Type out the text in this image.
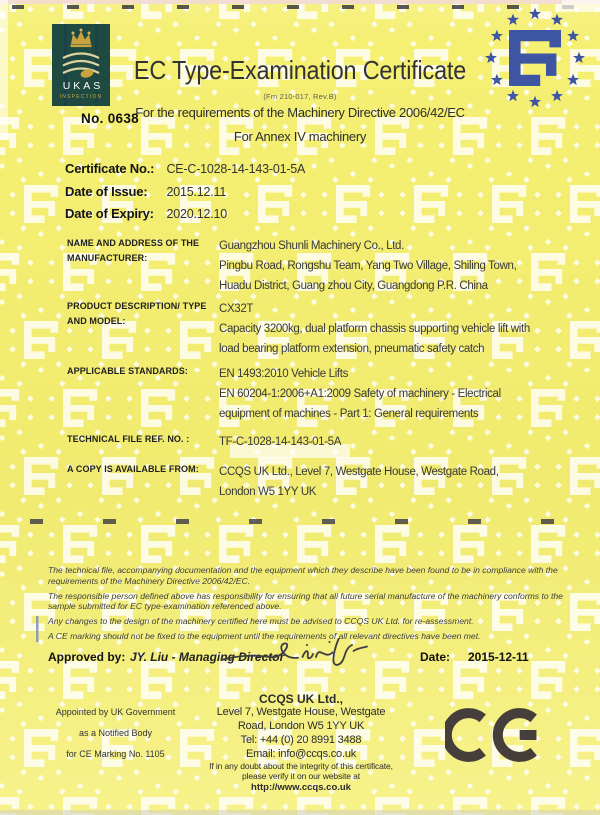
UKAS
INSPECTION
No. 0638
EC Type-Examination Certificate
(Fm 210-017, Rev.B)
For the requirements of the Machinery Directive 2006/42/EC
For Annex IV machinery
Certificate No.: CE-C-1028-14-143-01-5A
Date of Issue: 2015.12.11
Date of Expiry: 2020.12.10
NAME AND ADDRESS OF THE MANUFACTURER:
Guangzhou Shunli Machinery Co., Ltd.
Pingbu Road, Rongshu Team, Yang Two Village, Shiling Town,
Huadu District, Guang zhou City, Guangdong P.R. China
PRODUCT DESCRIPTION/ TYPE AND MODEL:
CX32T
Capacity 3200kg, dual platform chassis supporting vehicle lift with
load bearing platform extension, pneumatic safety catch
APPLICABLE STANDARDS:	EN 1493:2010 Vehicle Lifts
EN 60204-1:2006+A1:2009 Safety of machinery - Electrical
equipment of machines - Part 1: General requirements
TECHNICAL FILE REF. NO. :	TF-C-1028-14-143-01-5A
A COPY IS AVAILABLE FROM:	CCQS UK Ltd., Level 7, Westgate House, Westgate Road,
London W5 1YY UK

The technical file, accompanying documentation and the equipment which they describe have been found to be in compliance with the requirements of the Machinery Directive 2006/42/EC.

The responsible person defined above has responsibility for ensuring that all future serial manufacture of the machinery conforms to the sample submitted for EC type-examination referenced above.

Any changes to the design of the machinery certified here must be advised to CCQS UK Ltd. for re-assessment.

A CE marking should not be fixed to the equipment until the requirements of all relevant directives have been met.

Approved by: JY. Liu - Managing Director	Date: 2015-12-11
Appointed by UK Government
as a Notified Body
for CE Marking No. 1105
CCQS UK Ltd.,
Level 7, Westgate House, Westgate
Road, London W5 1YY UK
Tel: +44 (0) 20 8991 3488
Email: info@ccqs.co.uk
If in any doubt about the integrity of this certificate,
please verify it on our website at
http://www.ccqs.co.uk
